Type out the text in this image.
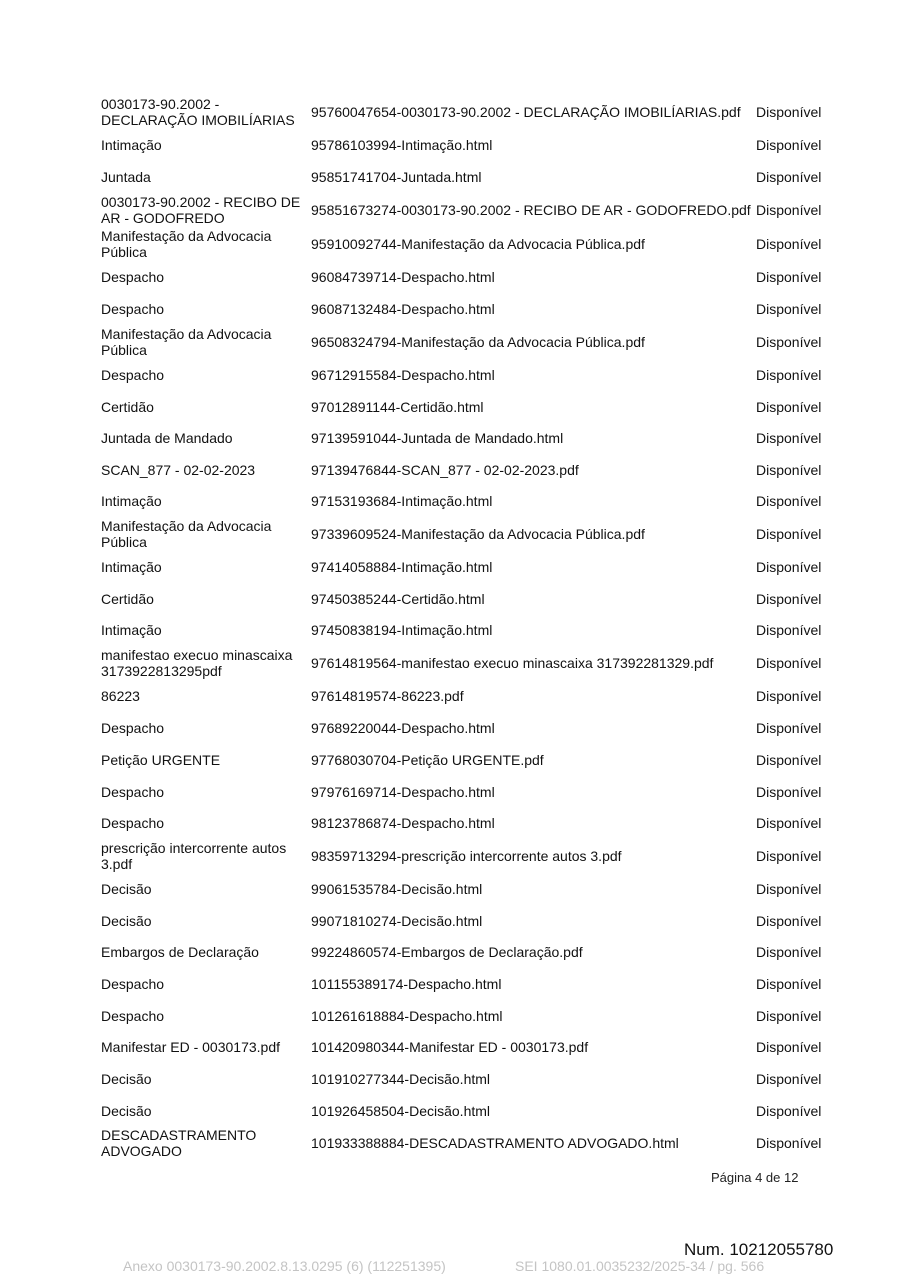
0030173-90.2002 - DECLARAÇÃO IMOBILÍARIAS	95760047654-0030173-90.2002 - DECLARAÇÃO IMOBILÍARIAS.pdf	Disponível
Intimação	95786103994-Intimação.html	Disponível
Juntada	95851741704-Juntada.html	Disponível
0030173-90.2002 - RECIBO DE AR - GODOFREDO	95851673274-0030173-90.2002 - RECIBO DE AR - GODOFREDO.pdf	Disponível
Manifestação da Advocacia Pública	95910092744-Manifestação da Advocacia Pública.pdf	Disponível
Despacho	96084739714-Despacho.html	Disponível
Despacho	96087132484-Despacho.html	Disponível
Manifestação da Advocacia Pública	96508324794-Manifestação da Advocacia Pública.pdf	Disponível
Despacho	96712915584-Despacho.html	Disponível
Certidão	97012891144-Certidão.html	Disponível
Juntada de Mandado	97139591044-Juntada de Mandado.html	Disponível
SCAN_877 - 02-02-2023	97139476844-SCAN_877 - 02-02-2023.pdf	Disponível
Intimação	97153193684-Intimação.html	Disponível
Manifestação da Advocacia Pública	97339609524-Manifestação da Advocacia Pública.pdf	Disponível
Intimação	97414058884-Intimação.html	Disponível
Certidão	97450385244-Certidão.html	Disponível
Intimação	97450838194-Intimação.html	Disponível
manifestao execuo minascaixa 3173922813295pdf	97614819564-manifestao execuo minascaixa 317392281329.pdf	Disponível
86223	97614819574-86223.pdf	Disponível
Despacho	97689220044-Despacho.html	Disponível
Petição URGENTE	97768030704-Petição URGENTE.pdf	Disponível
Despacho	97976169714-Despacho.html	Disponível
Despacho	98123786874-Despacho.html	Disponível
prescrição intercorrente autos 3.pdf	98359713294-prescrição intercorrente autos 3.pdf	Disponível
Decisão	99061535784-Decisão.html	Disponível
Decisão	99071810274-Decisão.html	Disponível
Embargos de Declaração	99224860574-Embargos de Declaração.pdf	Disponível
Despacho	101155389174-Despacho.html	Disponível
Despacho	101261618884-Despacho.html	Disponível
Manifestar ED - 0030173.pdf	101420980344-Manifestar ED - 0030173.pdf	Disponível
Decisão	101910277344-Decisão.html	Disponível
Decisão	101926458504-Decisão.html	Disponível
DESCADASTRAMENTO ADVOGADO	101933388884-DESCADASTRAMENTO ADVOGADO.html	Disponível
Página 4 de 12
Num. 10212055780
Anexo 0030173-90.2002.8.13.0295 (6) (112251395)	SEI 1080.01.0035232/2025-34 / pg. 566
